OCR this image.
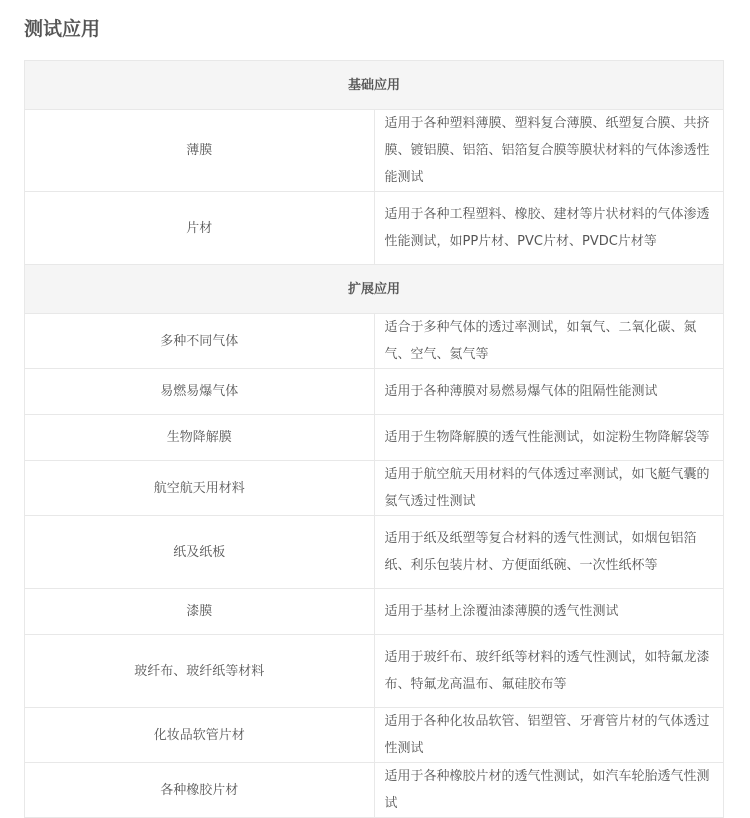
测试应用
基础应用	
薄膜	适用于各种塑料薄膜、塑料复合薄膜、纸塑复合膜、共挤膜、镀铝膜、铝箔、铝箔复合膜等膜状材料的气体渗透性能测试
片材	适用于各种工程塑料、橡胶、建材等片状材料的气体渗透性能测试，如PP片材、PVC片材、PVDC片材等
扩展应用	
多种不同气体	适合于多种气体的透过率测试，如氧气、二氧化碳、氮气、空气、氦气等
易燃易爆气体	适用于各种薄膜对易燃易爆气体的阻隔性能测试
生物降解膜	适用于生物降解膜的透气性能测试，如淀粉生物降解袋等
航空航天用材料	适用于航空航天用材料的气体透过率测试，如飞艇气囊的氦气透过性测试
纸及纸板	适用于纸及纸塑等复合材料的透气性测试，如烟包铝箔纸、利乐包装片材、方便面纸碗、一次性纸杯等
漆膜	适用于基材上涂覆油漆薄膜的透气性测试
玻纤布、玻纤纸等材料	适用于玻纤布、玻纤纸等材料的透气性测试，如特氟龙漆布、特氟龙高温布、氟硅胶布等
化妆品软管片材	适用于各种化妆品软管、铝塑管、牙膏管片材的气体透过性测试
各种橡胶片材	适用于各种橡胶片材的透气性测试，如汽车轮胎透气性测试
